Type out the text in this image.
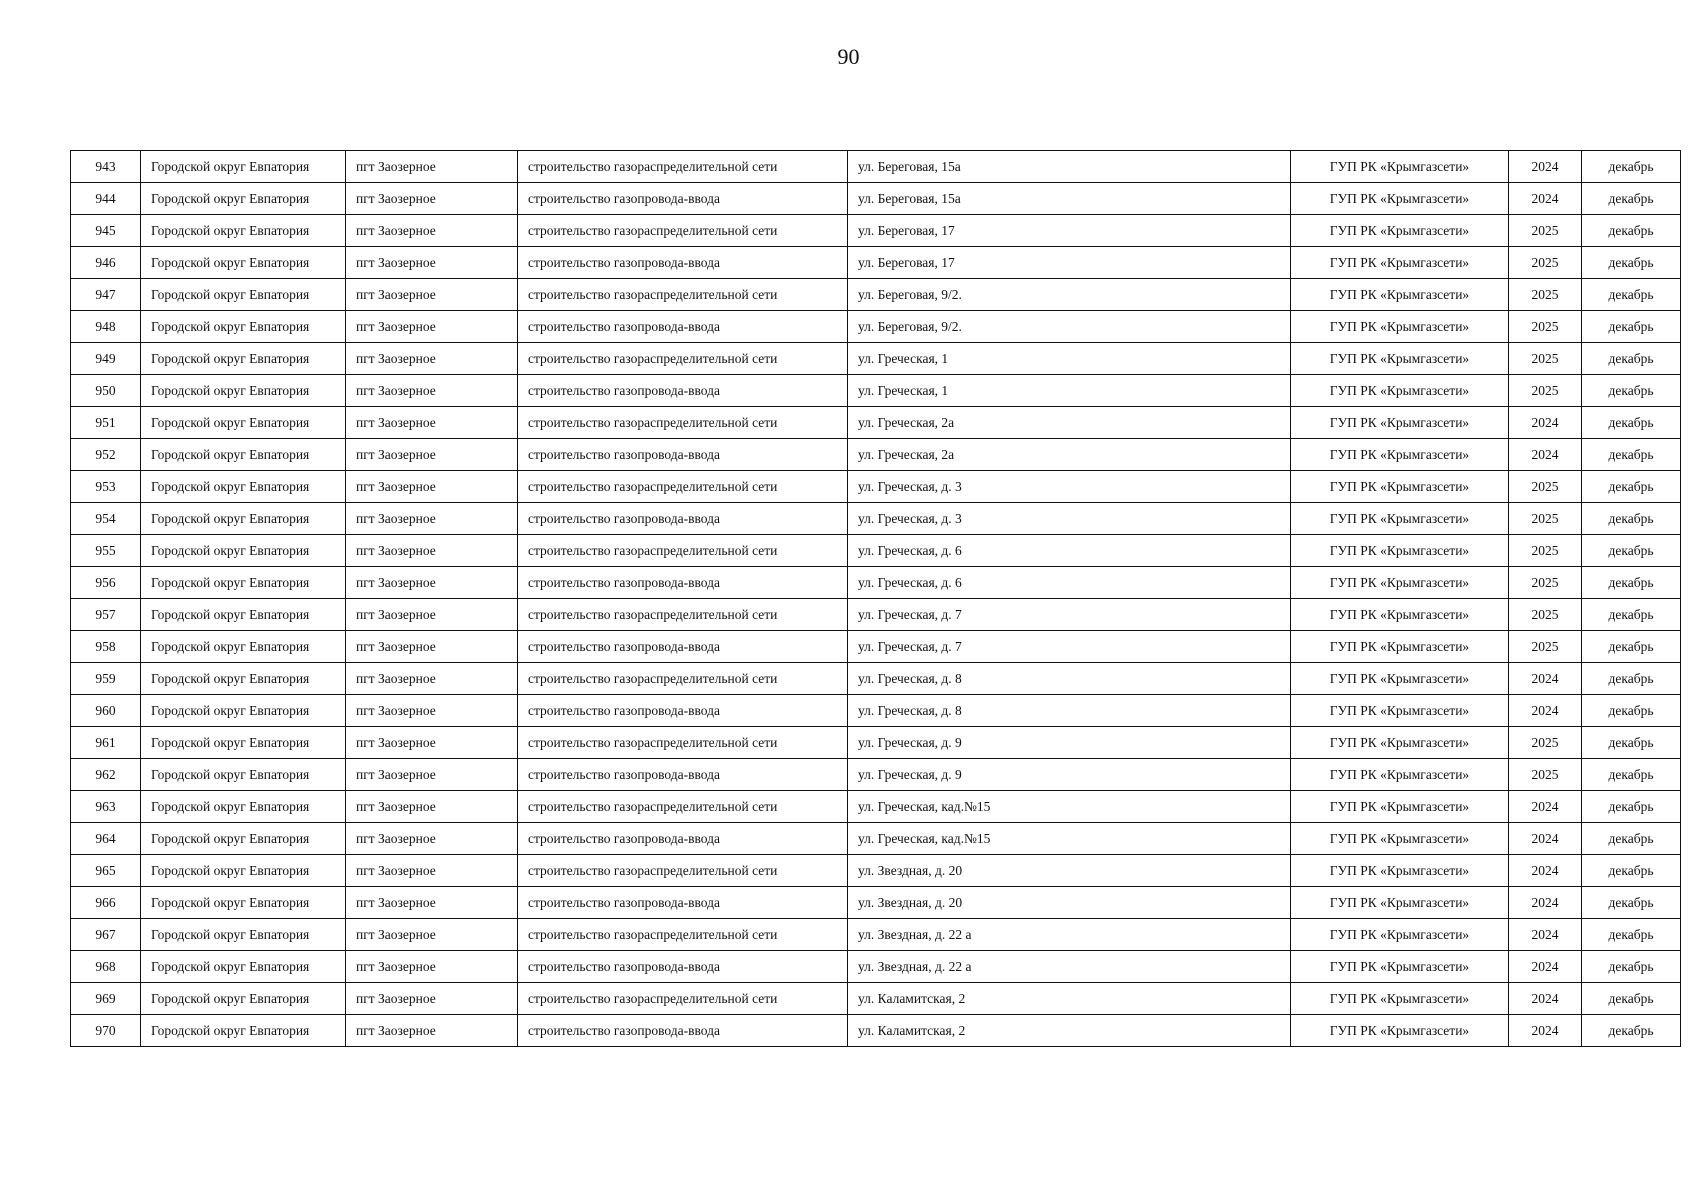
90
943	Городской округ Евпатория	пгт Заозерное	строительство газораспределительной сети	ул. Береговая, 15а	ГУП РК «Крымгазсети»	2024	декабрь
944	Городской округ Евпатория	пгт Заозерное	строительство газопровода-ввода	ул. Береговая, 15а	ГУП РК «Крымгазсети»	2024	декабрь
945	Городской округ Евпатория	пгт Заозерное	строительство газораспределительной сети	ул. Береговая, 17	ГУП РК «Крымгазсети»	2025	декабрь
946	Городской округ Евпатория	пгт Заозерное	строительство газопровода-ввода	ул. Береговая, 17	ГУП РК «Крымгазсети»	2025	декабрь
947	Городской округ Евпатория	пгт Заозерное	строительство газораспределительной сети	ул. Береговая, 9/2.	ГУП РК «Крымгазсети»	2025	декабрь
948	Городской округ Евпатория	пгт Заозерное	строительство газопровода-ввода	ул. Береговая, 9/2.	ГУП РК «Крымгазсети»	2025	декабрь
949	Городской округ Евпатория	пгт Заозерное	строительство газораспределительной сети	ул. Греческая, 1	ГУП РК «Крымгазсети»	2025	декабрь
950	Городской округ Евпатория	пгт Заозерное	строительство газопровода-ввода	ул. Греческая, 1	ГУП РК «Крымгазсети»	2025	декабрь
951	Городской округ Евпатория	пгт Заозерное	строительство газораспределительной сети	ул. Греческая, 2а	ГУП РК «Крымгазсети»	2024	декабрь
952	Городской округ Евпатория	пгт Заозерное	строительство газопровода-ввода	ул. Греческая, 2а	ГУП РК «Крымгазсети»	2024	декабрь
953	Городской округ Евпатория	пгт Заозерное	строительство газораспределительной сети	ул. Греческая, д. 3	ГУП РК «Крымгазсети»	2025	декабрь
954	Городской округ Евпатория	пгт Заозерное	строительство газопровода-ввода	ул. Греческая, д. 3	ГУП РК «Крымгазсети»	2025	декабрь
955	Городской округ Евпатория	пгт Заозерное	строительство газораспределительной сети	ул. Греческая, д. 6	ГУП РК «Крымгазсети»	2025	декабрь
956	Городской округ Евпатория	пгт Заозерное	строительство газопровода-ввода	ул. Греческая, д. 6	ГУП РК «Крымгазсети»	2025	декабрь
957	Городской округ Евпатория	пгт Заозерное	строительство газораспределительной сети	ул. Греческая, д. 7	ГУП РК «Крымгазсети»	2025	декабрь
958	Городской округ Евпатория	пгт Заозерное	строительство газопровода-ввода	ул. Греческая, д. 7	ГУП РК «Крымгазсети»	2025	декабрь
959	Городской округ Евпатория	пгт Заозерное	строительство газораспределительной сети	ул. Греческая, д. 8	ГУП РК «Крымгазсети»	2024	декабрь
960	Городской округ Евпатория	пгт Заозерное	строительство газопровода-ввода	ул. Греческая, д. 8	ГУП РК «Крымгазсети»	2024	декабрь
961	Городской округ Евпатория	пгт Заозерное	строительство газораспределительной сети	ул. Греческая, д. 9	ГУП РК «Крымгазсети»	2025	декабрь
962	Городской округ Евпатория	пгт Заозерное	строительство газопровода-ввода	ул. Греческая, д. 9	ГУП РК «Крымгазсети»	2025	декабрь
963	Городской округ Евпатория	пгт Заозерное	строительство газораспределительной сети	ул. Греческая, кад.№15	ГУП РК «Крымгазсети»	2024	декабрь
964	Городской округ Евпатория	пгт Заозерное	строительство газопровода-ввода	ул. Греческая, кад.№15	ГУП РК «Крымгазсети»	2024	декабрь
965	Городской округ Евпатория	пгт Заозерное	строительство газораспределительной сети	ул. Звездная, д. 20	ГУП РК «Крымгазсети»	2024	декабрь
966	Городской округ Евпатория	пгт Заозерное	строительство газопровода-ввода	ул. Звездная, д. 20	ГУП РК «Крымгазсети»	2024	декабрь
967	Городской округ Евпатория	пгт Заозерное	строительство газораспределительной сети	ул. Звездная, д. 22 а	ГУП РК «Крымгазсети»	2024	декабрь
968	Городской округ Евпатория	пгт Заозерное	строительство газопровода-ввода	ул. Звездная, д. 22 а	ГУП РК «Крымгазсети»	2024	декабрь
969	Городской округ Евпатория	пгт Заозерное	строительство газораспределительной сети	ул. Каламитская, 2	ГУП РК «Крымгазсети»	2024	декабрь
970	Городской округ Евпатория	пгт Заозерное	строительство газопровода-ввода	ул. Каламитская, 2	ГУП РК «Крымгазсети»	2024	декабрь
